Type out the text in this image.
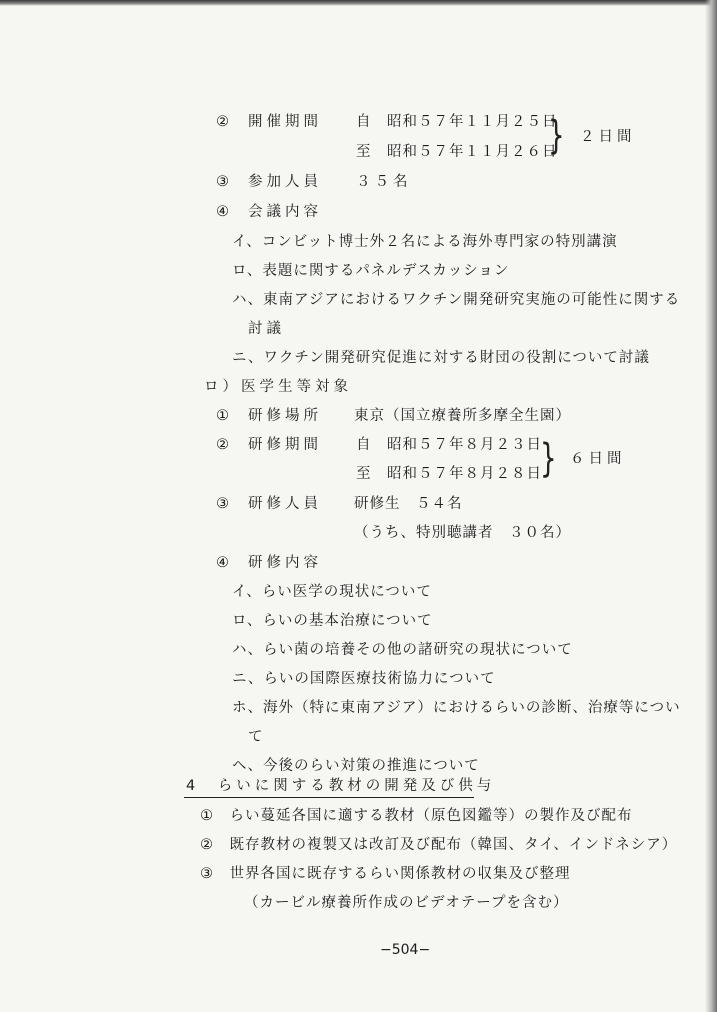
② 開催期間 自　昭和５７年１１月２５日
} ２日間
至　昭和５７年１１月２６日
③ 参加人員 ３５名
④ 会議内容
イ、コンビット博士外２名による海外専門家の特別講演
ロ、表題に関するパネルデスカッション
ハ、東南アジアにおけるワクチン開発研究実施の可能性に関する
討議
ニ、ワクチン開発研究促進に対する財団の役割について討議
ロ）医学生等対象
① 研修場所 東京（国立療養所多摩全生園）
② 研修期間 自　昭和５７年８月２３日
} ６日間
至　昭和５７年８月２８日
③ 研修人員 研修生　５４名
（うち、特別聴講者　３０名）
④ 研修内容
イ、らい医学の現状について
ロ、らいの基本治療について
ハ、らい菌の培養その他の諸研究の現状について
ニ、らいの国際医療技術協力について
ホ、海外（特に東南アジア）におけるらいの診断、治療等につい
て
ヘ、今後のらい対策の推進について
4　らいに関する教材の開発及び供与
①　らい蔓延各国に適する教材（原色図鑑等）の製作及び配布
②　既存教材の複製又は改訂及び配布（韓国、タイ、インドネシア）
③　世界各国に既存するらい関係教材の収集及び整理
（カービル療養所作成のビデオテープを含む）
−504−
